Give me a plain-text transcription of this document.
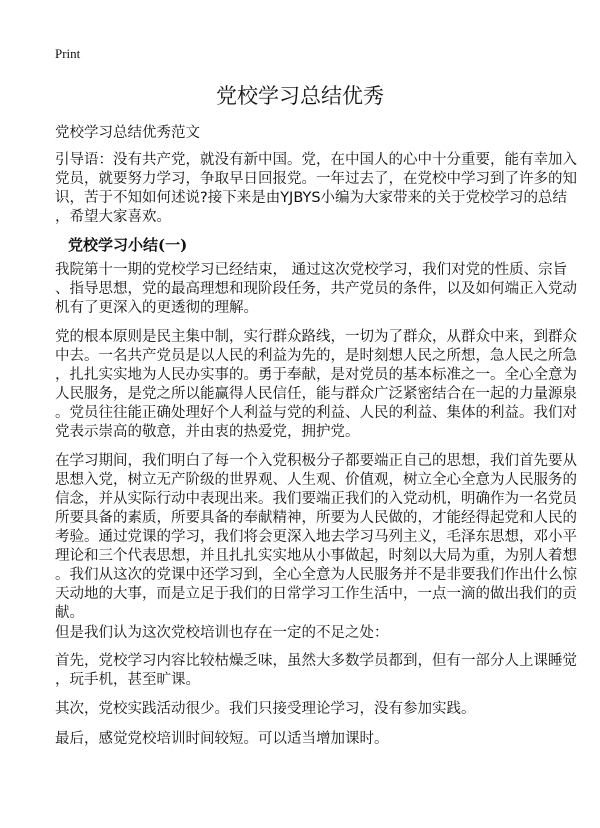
Print
党校学习总结优秀
党校学习总结优秀范文
引导语：没有共产党，就没有新中国。党，在中国人的心中十分重要，能有幸加入
党员，就要努力学习，争取早日回报党。一年过去了，在党校中学习到了许多的知
识，苦于不知如何述说?接下来是由YJBYS小编为大家带来的关于党校学习的总结
，希望大家喜欢。
党校学习小结(一)
我院第十一期的党校学习已经结束， 通过这次党校学习，我们对党的性质、宗旨
、指导思想，党的最高理想和现阶段任务，共产党员的条件，以及如何端正入党动
机有了更深入的更透彻的理解。
党的根本原则是民主集中制，实行群众路线，一切为了群众，从群众中来，到群众
中去。一名共产党员是以人民的利益为先的，是时刻想人民之所想，急人民之所急
，扎扎实实地为人民办实事的。勇于奉献，是对党员的基本标准之一。全心全意为
人民服务，是党之所以能赢得人民信任，能与群众广泛紧密结合在一起的力量源泉
。党员往往能正确处理好个人利益与党的利益、人民的利益、集体的利益。我们对
党表示崇高的敬意，并由衷的热爱党，拥护党。
在学习期间，我们明白了每一个入党积极分子都要端正自己的思想，我们首先要从
思想入党，树立无产阶级的世界观、人生观、价值观，树立全心全意为人民服务的
信念，并从实际行动中表现出来。我们要端正我们的入党动机，明确作为一名党员
所要具备的素质，所要具备的奉献精神，所要为人民做的，才能经得起党和人民的
考验。通过党课的学习，我们将会更深入地去学习马列主义，毛泽东思想，邓小平
理论和三个代表思想，并且扎扎实实地从小事做起，时刻以大局为重，为别人着想
。我们从这次的党课中还学习到，全心全意为人民服务并不是非要我们作出什么惊
天动地的大事，而是立足于我们的日常学习工作生活中，一点一滴的做出我们的贡
献。
但是我们认为这次党校培训也存在一定的不足之处：
首先，党校学习内容比较枯燥乏味，虽然大多数学员都到，但有一部分人上课睡觉
，玩手机，甚至旷课。
其次，党校实践活动很少。我们只接受理论学习，没有参加实践。
最后，感觉党校培训时间较短。可以适当增加课时。
